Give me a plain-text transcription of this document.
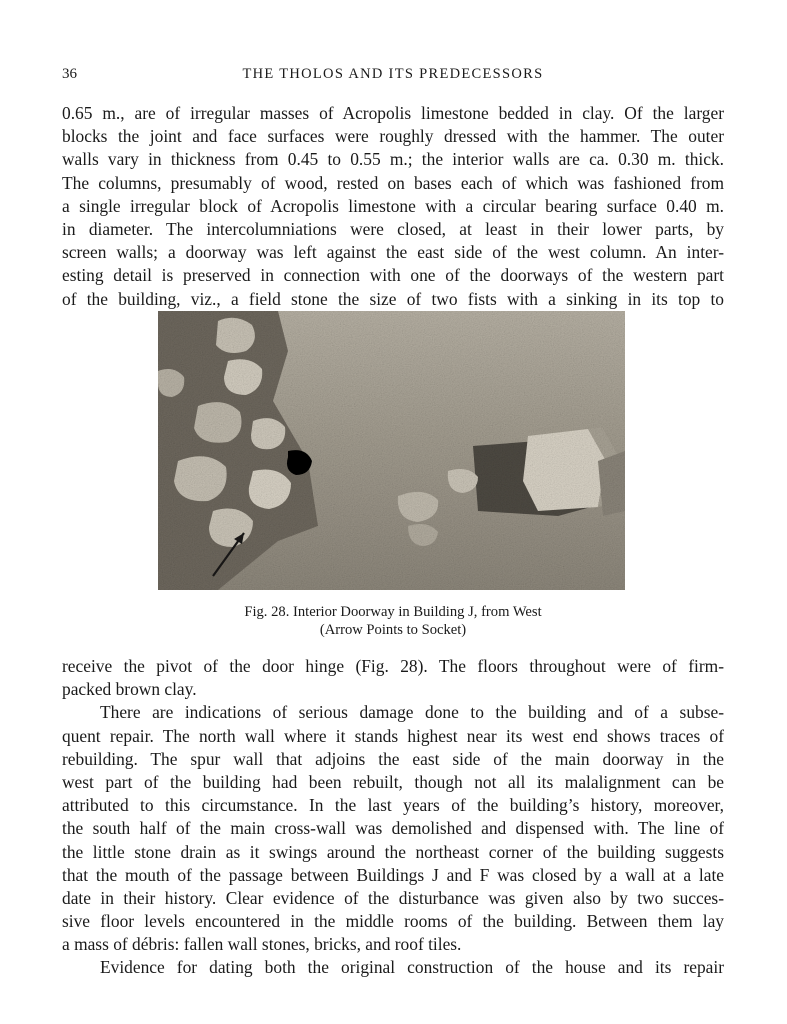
36	THE THOLOS AND ITS PREDECESSORS
0.65 m., are of irregular masses of Acropolis limestone bedded in clay. Of the larger
blocks the joint and face surfaces were roughly dressed with the hammer. The outer
walls vary in thickness from 0.45 to 0.55 m.; the interior walls are ca. 0.30 m. thick.
The columns, presumably of wood, rested on bases each of which was fashioned from
a single irregular block of Acropolis limestone with a circular bearing surface 0.40 m.
in diameter. The intercolumniations were closed, at least in their lower parts, by
screen walls; a doorway was left against the east side of the west column. An inter-
esting detail is preserved in connection with one of the doorways of the western part
of the building, viz., a field stone the size of two fists with a sinking in its top to
Fig. 28. Interior Doorway in Building J, from West
(Arrow Points to Socket)
receive the pivot of the door hinge (Fig. 28). The floors throughout were of firm-
packed brown clay.
There are indications of serious damage done to the building and of a subse-
quent repair. The north wall where it stands highest near its west end shows traces of
rebuilding. The spur wall that adjoins the east side of the main doorway in the
west part of the building had been rebuilt, though not all its malalignment can be
attributed to this circumstance. In the last years of the building’s history, moreover,
the south half of the main cross-wall was demolished and dispensed with. The line of
the little stone drain as it swings around the northeast corner of the building suggests
that the mouth of the passage between Buildings J and F was closed by a wall at a late
date in their history. Clear evidence of the disturbance was given also by two succes-
sive floor levels encountered in the middle rooms of the building. Between them lay
a mass of débris: fallen wall stones, bricks, and roof tiles.
Evidence for dating both the original construction of the house and its repair
